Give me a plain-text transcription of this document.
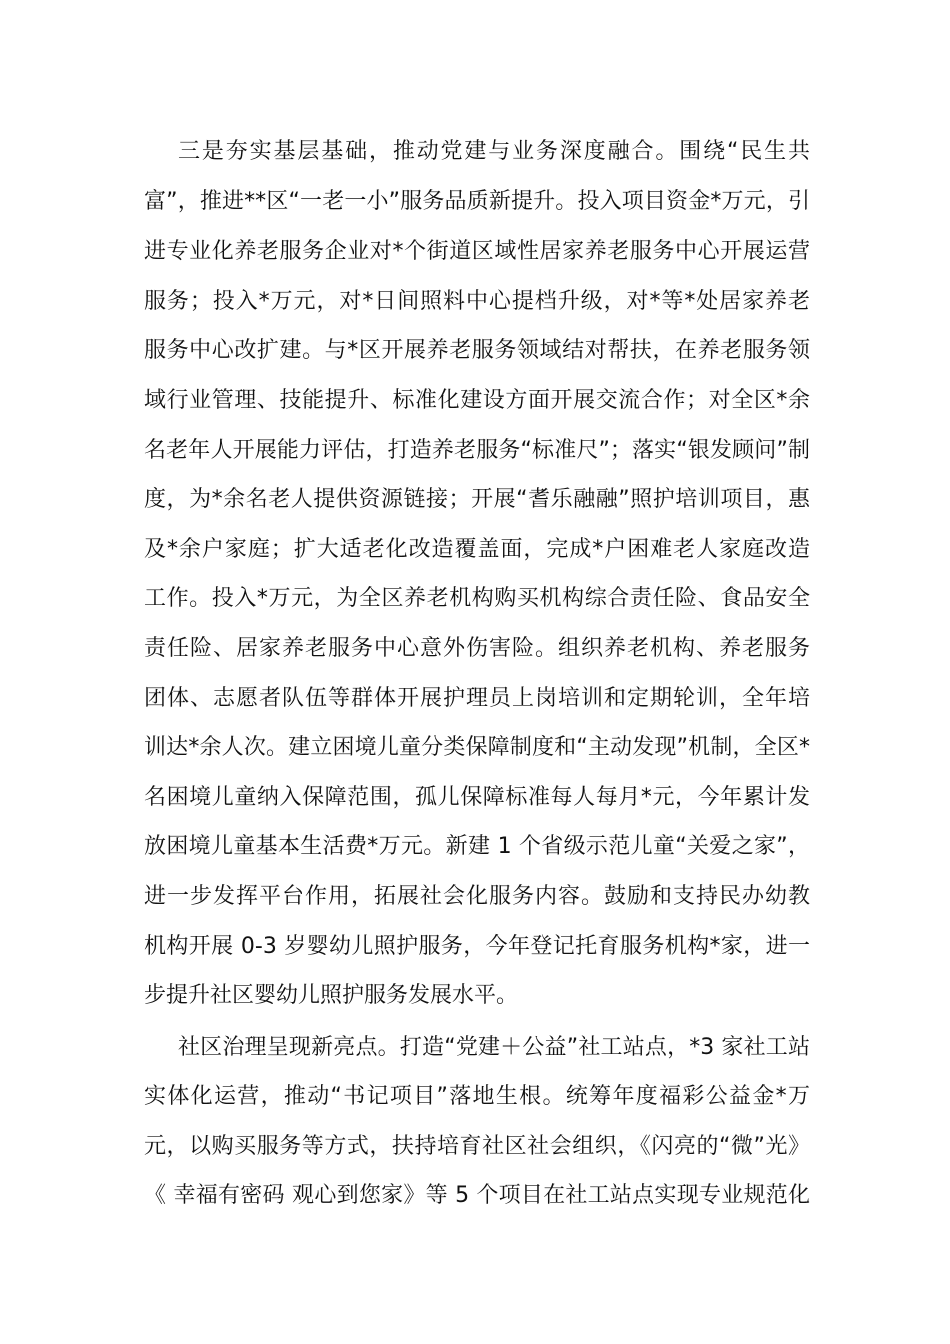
三是夯实基层基础，推动党建与业务深度融合。围绕“民生共
富”，推进**区“一老一小”服务品质新提升。投入项目资金*万元，引
进专业化养老服务企业对*个街道区域性居家养老服务中心开展运营
服务；投入*万元，对*日间照料中心提档升级，对*等*处居家养老
服务中心改扩建。与*区开展养老服务领域结对帮扶，在养老服务领
域行业管理、技能提升、标准化建设方面开展交流合作；对全区*余
名老年人开展能力评估，打造养老服务“标准尺”；落实“银发顾问”制
度，为*余名老人提供资源链接；开展“耆乐融融”照护培训项目，惠
及*余户家庭；扩大适老化改造覆盖面，完成*户困难老人家庭改造
工作。投入*万元，为全区养老机构购买机构综合责任险、食品安全
责任险、居家养老服务中心意外伤害险。组织养老机构、养老服务
团体、志愿者队伍等群体开展护理员上岗培训和定期轮训，全年培
训达*余人次。建立困境儿童分类保障制度和“主动发现”机制，全区*
名困境儿童纳入保障范围，孤儿保障标准每人每月*元，今年累计发
放困境儿童基本生活费*万元。新建 1 个省级示范儿童“关爱之家”，
进一步发挥平台作用，拓展社会化服务内容。鼓励和支持民办幼教
机构开展 0-3 岁婴幼儿照护服务，今年登记托育服务机构*家，进一
步提升社区婴幼儿照护服务发展水平。
社区治理呈现新亮点。打造“党建＋公益”社工站点，*3 家社工站
实体化运营，推动“书记项目”落地生根。统筹年度福彩公益金*万
元，以购买服务等方式，扶持培育社区社会组织，《闪亮的“微”光》
《 幸福有密码 观心到您家》等 5 个项目在社工站点实现专业规范化
